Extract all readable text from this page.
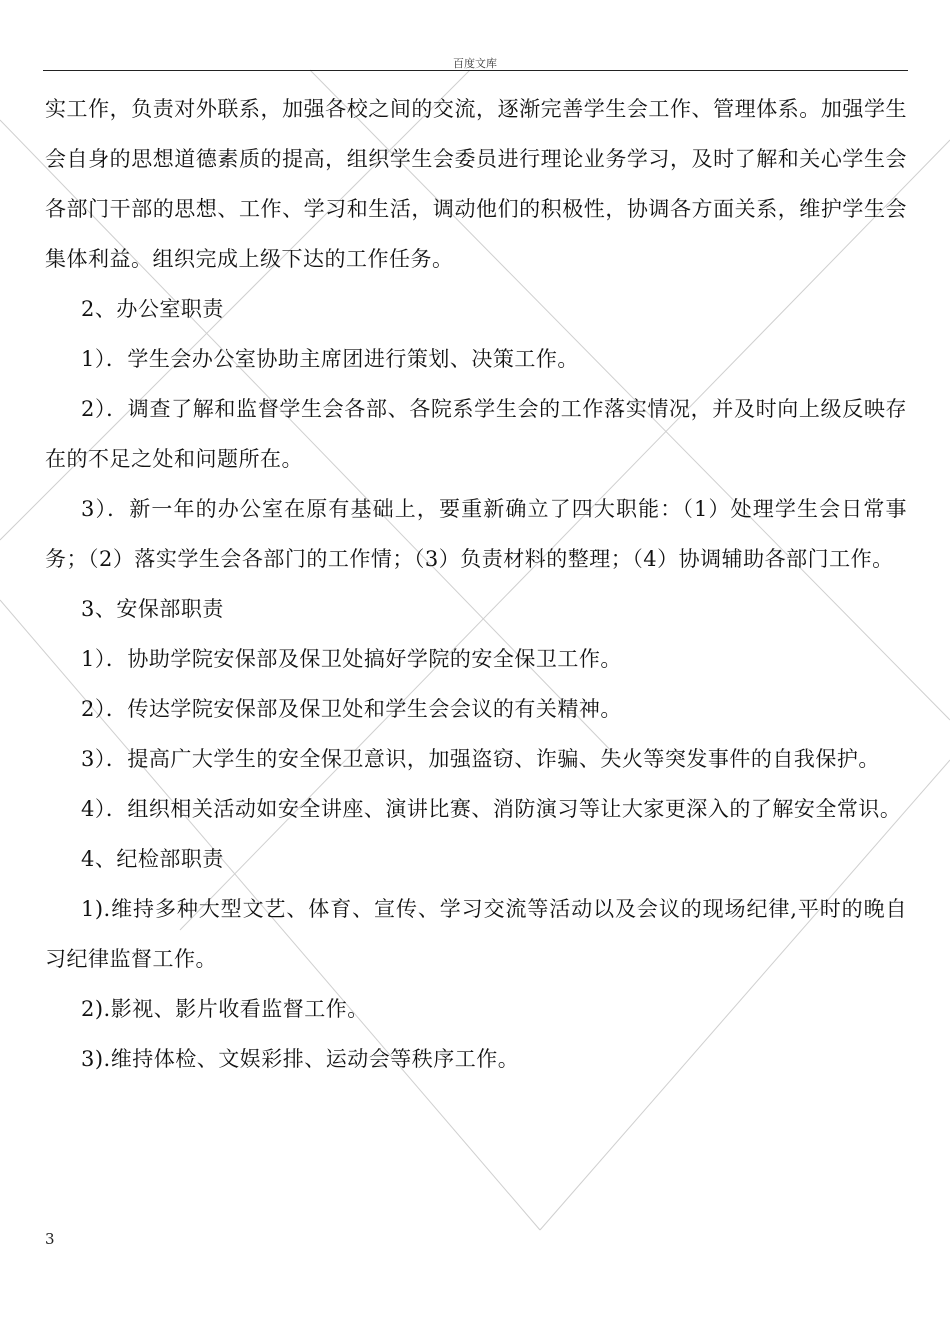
百度文库

实工作，负责对外联系，加强各校之间的交流，逐渐完善学生会工作、管理体系。加强学生会自身的思想道德素质的提高，组织学生会委员进行理论业务学习，及时了解和关心学生会各部门干部的思想、工作、学习和生活，调动他们的积极性，协调各方面关系，维护学生会集体利益。组织完成上级下达的工作任务。

2、办公室职责

1）．学生会办公室协助主席团进行策划、决策工作。

2）．调查了解和监督学生会各部、各院系学生会的工作落实情况，并及时向上级反映存在的不足之处和问题所在。

3）．新一年的办公室在原有基础上，要重新确立了四大职能：（1）处理学生会日常事务；（2）落实学生会各部门的工作情；（3）负责材料的整理；（4）协调辅助各部门工作。

3、安保部职责

1）．协助学院安保部及保卫处搞好学院的安全保卫工作。

2）．传达学院安保部及保卫处和学生会会议的有关精神。

3）．提高广大学生的安全保卫意识，加强盗窃、诈骗、失火等突发事件的自我保护。

4）．组织相关活动如安全讲座、演讲比赛、消防演习等让大家更深入的了解安全常识。

4、纪检部职责

1).维持多种大型文艺、体育、宣传、学习交流等活动以及会议的现场纪律,平时的晚自习纪律监督工作。

2).影视、影片收看监督工作。

3).维持体检、文娱彩排、运动会等秩序工作。

3
